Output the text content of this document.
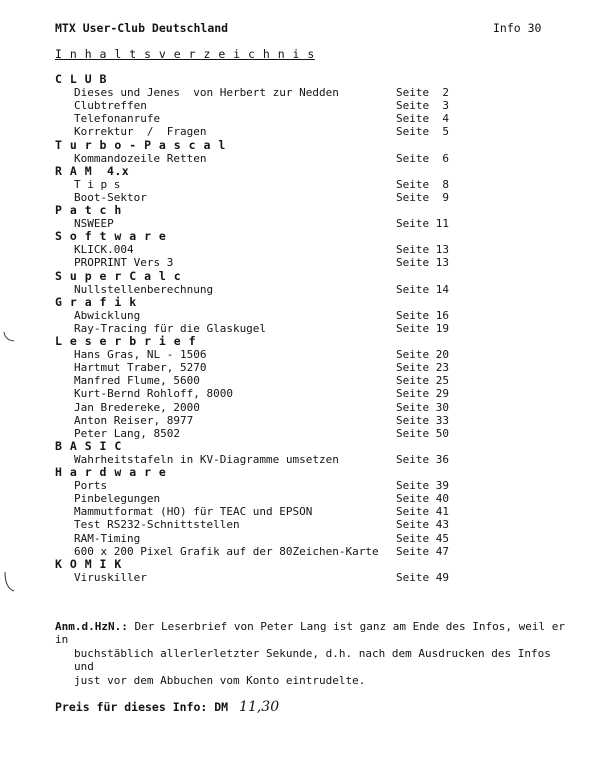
MTX User-Club Deutschland	Info 30
I n h a l t s v e r z e i c h n i s
C L U B
Dieses und Jenes  von Herbert zur Nedden	Seite  2
Clubtreffen	Seite  3
Telefonanrufe	Seite  4
Korrektur  /  Fragen	Seite  5
T u r b o - P a s c a l
Kommandozeile Retten	Seite  6
R A M  4.x
T i p s	Seite  8
Boot-Sektor	Seite  9
P a t c h
NSWEEP	Seite 11
S o f t w a r e
KLICK.004	Seite 13
PROPRINT Vers 3	Seite 13
S u p e r C a l c
Nullstellenberechnung	Seite 14
G r a f i k
Abwicklung	Seite 16
Ray-Tracing für die Glaskugel	Seite 19
L e s e r b r i e f
Hans Gras, NL - 1506	Seite 20
Hartmut Traber, 5270	Seite 23
Manfred Flume, 5600	Seite 25
Kurt-Bernd Rohloff, 8000	Seite 29
Jan Bredereke, 2000	Seite 30
Anton Reiser, 8977	Seite 33
Peter Lang, 8502	Seite 50
B A S I C
Wahrheitstafeln in KV-Diagramme umsetzen	Seite 36
H a r d w a r e
Ports	Seite 39
Pinbelegungen	Seite 40
Mammutformat (HO) für TEAC und EPSON	Seite 41
Test RS232-Schnittstellen	Seite 43
RAM-Timing	Seite 45
600 x 200 Pixel Grafik auf der 80Zeichen-Karte Seite 47
K O M I K
Viruskiller	Seite 49
Anm.d.HzN.: Der Leserbrief von Peter Lang ist ganz am Ende des Infos, weil er in
buchstäblich allerlerletzter Sekunde, d.h. nach dem Ausdrucken des Infos und
just vor dem Abbuchen vom Konto eintrudelte.
Preis für dieses Info: DM 11,30
